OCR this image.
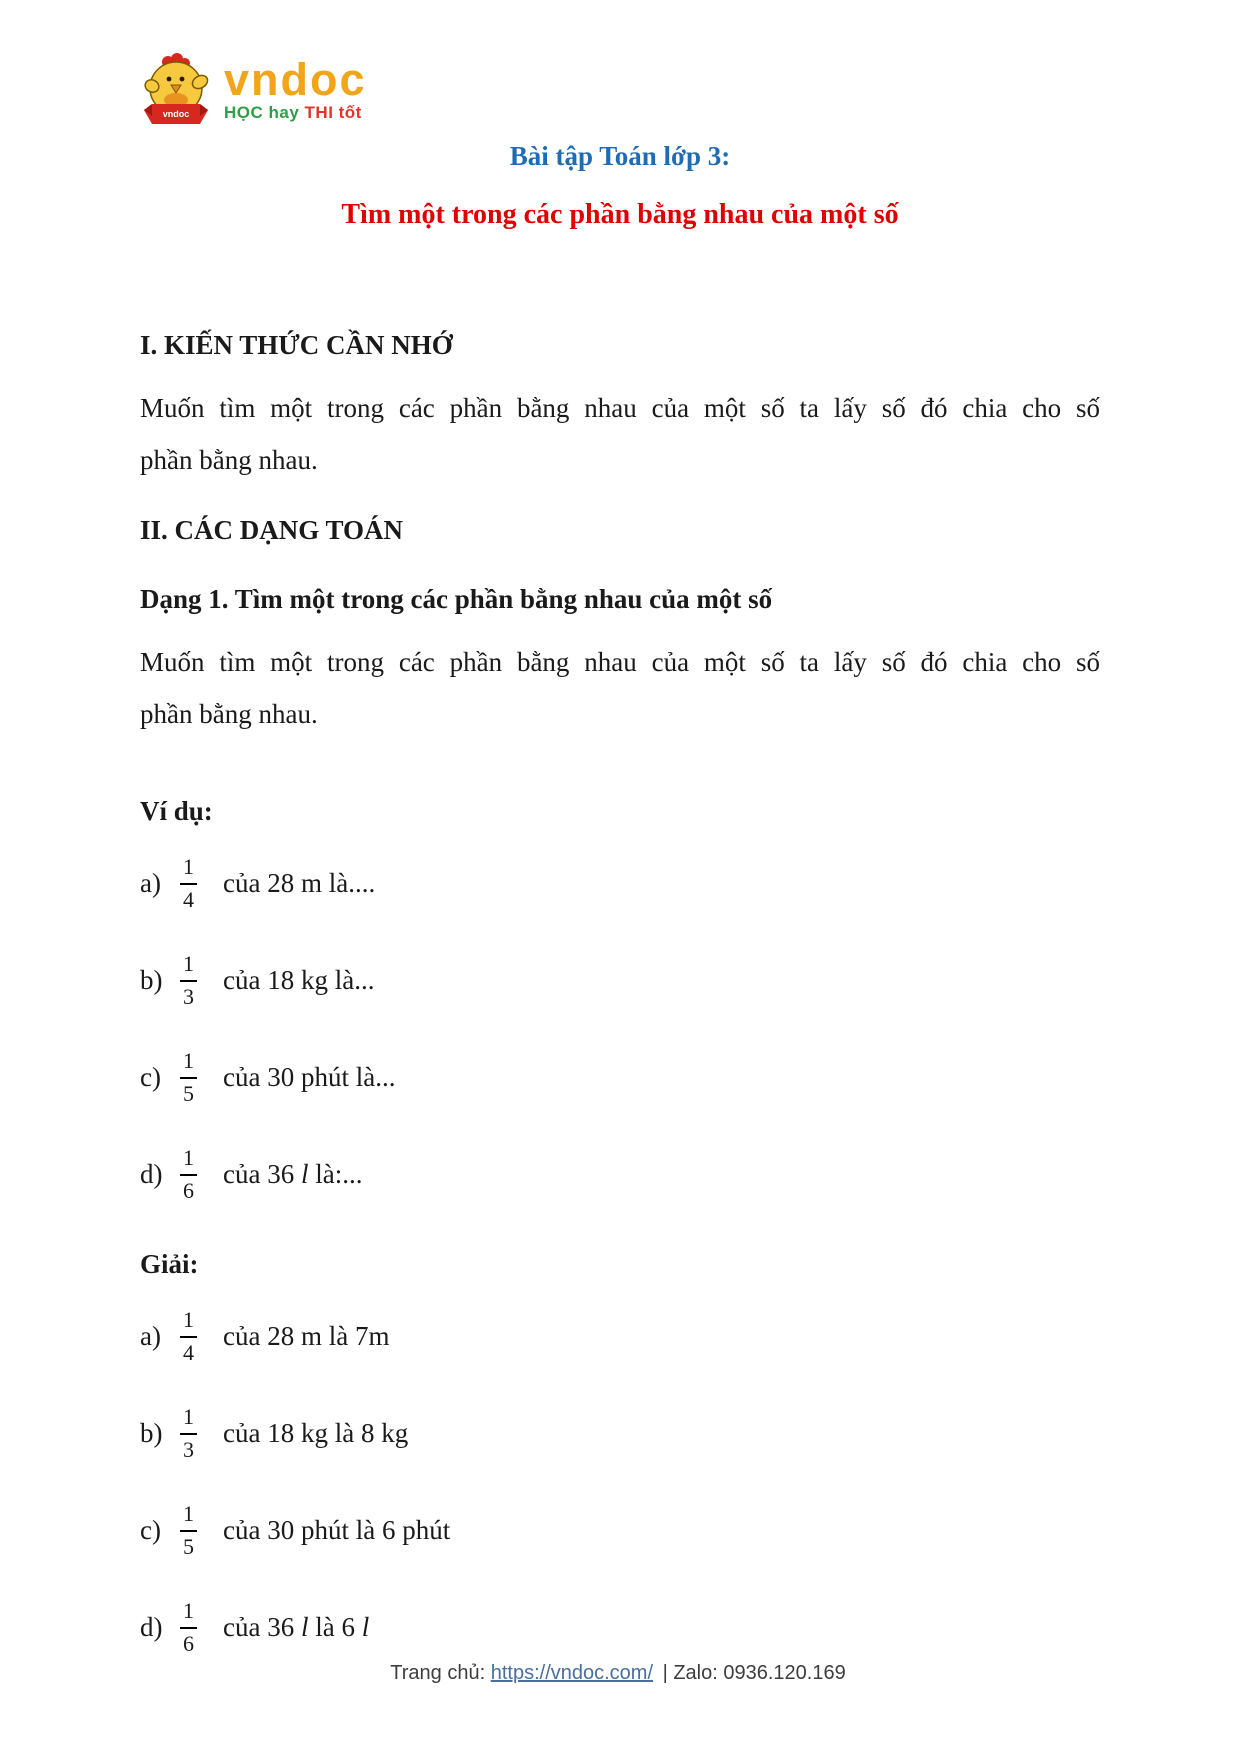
vndoc
vndoc
HỌC hay THI tốt
Bài tập Toán lớp 3:
Tìm một trong các phần bằng nhau của một số
I. KIẾN THỨC CẦN NHỚ
Muốn tìm một trong các phần bằng nhau của một số ta lấy số đó chia cho số
phần bằng nhau.
II. CÁC DẠNG TOÁN
Dạng 1. Tìm một trong các phần bằng nhau của một số
Muốn tìm một trong các phần bằng nhau của một số ta lấy số đó chia cho số
phần bằng nhau.
Ví dụ:
$a) \frac{1}{4}$ của 28 m là....
$b) \frac{1}{3}$ của 18 kg là...
$c) \frac{1}{5}$ của 30 phút là...
$d) \frac{1}{6}$ của 36 l là:...
Giải:
$a) \frac{1}{4}$ của 28 m là 7m
$b) \frac{1}{3}$ của 18 kg là 8 kg
$c) \frac{1}{5}$ của 30 phút là 6 phút
$d) \frac{1}{6}$ của 36 l là 6 l
Trang chủ: https://vndoc.com/ | Zalo: 0936.120.169
